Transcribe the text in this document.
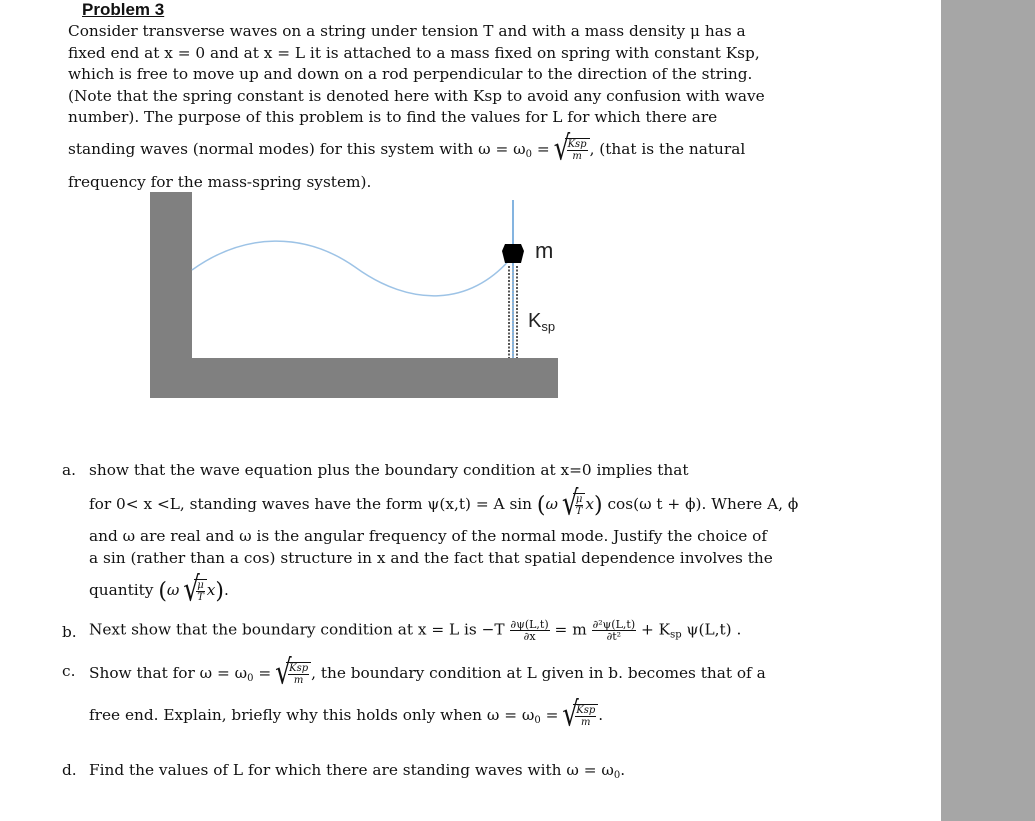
Problem 3

Consider transverse waves on a string under tension T and with a mass density μ has a

fixed end at x = 0 and at x = L it is attached to a mass fixed on spring with constant Ksp,

which is free to move up and down on a rod perpendicular to the direction of the string.

(Note that the spring constant is denoted here with Ksp to avoid any confusion with wave

number). The purpose of this problem is to find the values for L for which there are

standing waves (normal modes) for this system with $\omega = \omega_0$ = √ $\frac{\text{Ksp}}{m}$ , (that is the natural
frequency for the mass-spring system).
m
$K_{sp}$
a. show that the wave equation plus the boundary condition at x=0 implies that
for 0< x <L, standing waves have the form ψ(x,t) = A sin (ω √ $\frac{\mu}{T} x$) cos(ω t + ϕ). Where A, ϕ
and ω are real and ω is the angular frequency of the normal mode. Justify the choice of
a sin (rather than a cos) structure in x and the fact that spatial dependence involves the
quantity (ω √ $\frac{\mu}{T} x$).
b. Next show that the boundary condition at x = L is $-T \frac{\partial\psi(L,t)}{\partial x} = m \frac{\text{∂²ψ(L,t)}}{\text{∂t²}} + K_{sp}$ ψ(L,t) .
c. Show that for $\omega = \omega_0$ = √ $\frac{\text{Ksp}}{m}$ , the boundary condition at L given in b. becomes that of a
free end. Explain, briefly why this holds only when $\omega = \omega_0$ = √ $\frac{\text{Ksp}}{m}$ .
d. Find the values of L for which there are standing waves with $\omega = \omega_0$.
